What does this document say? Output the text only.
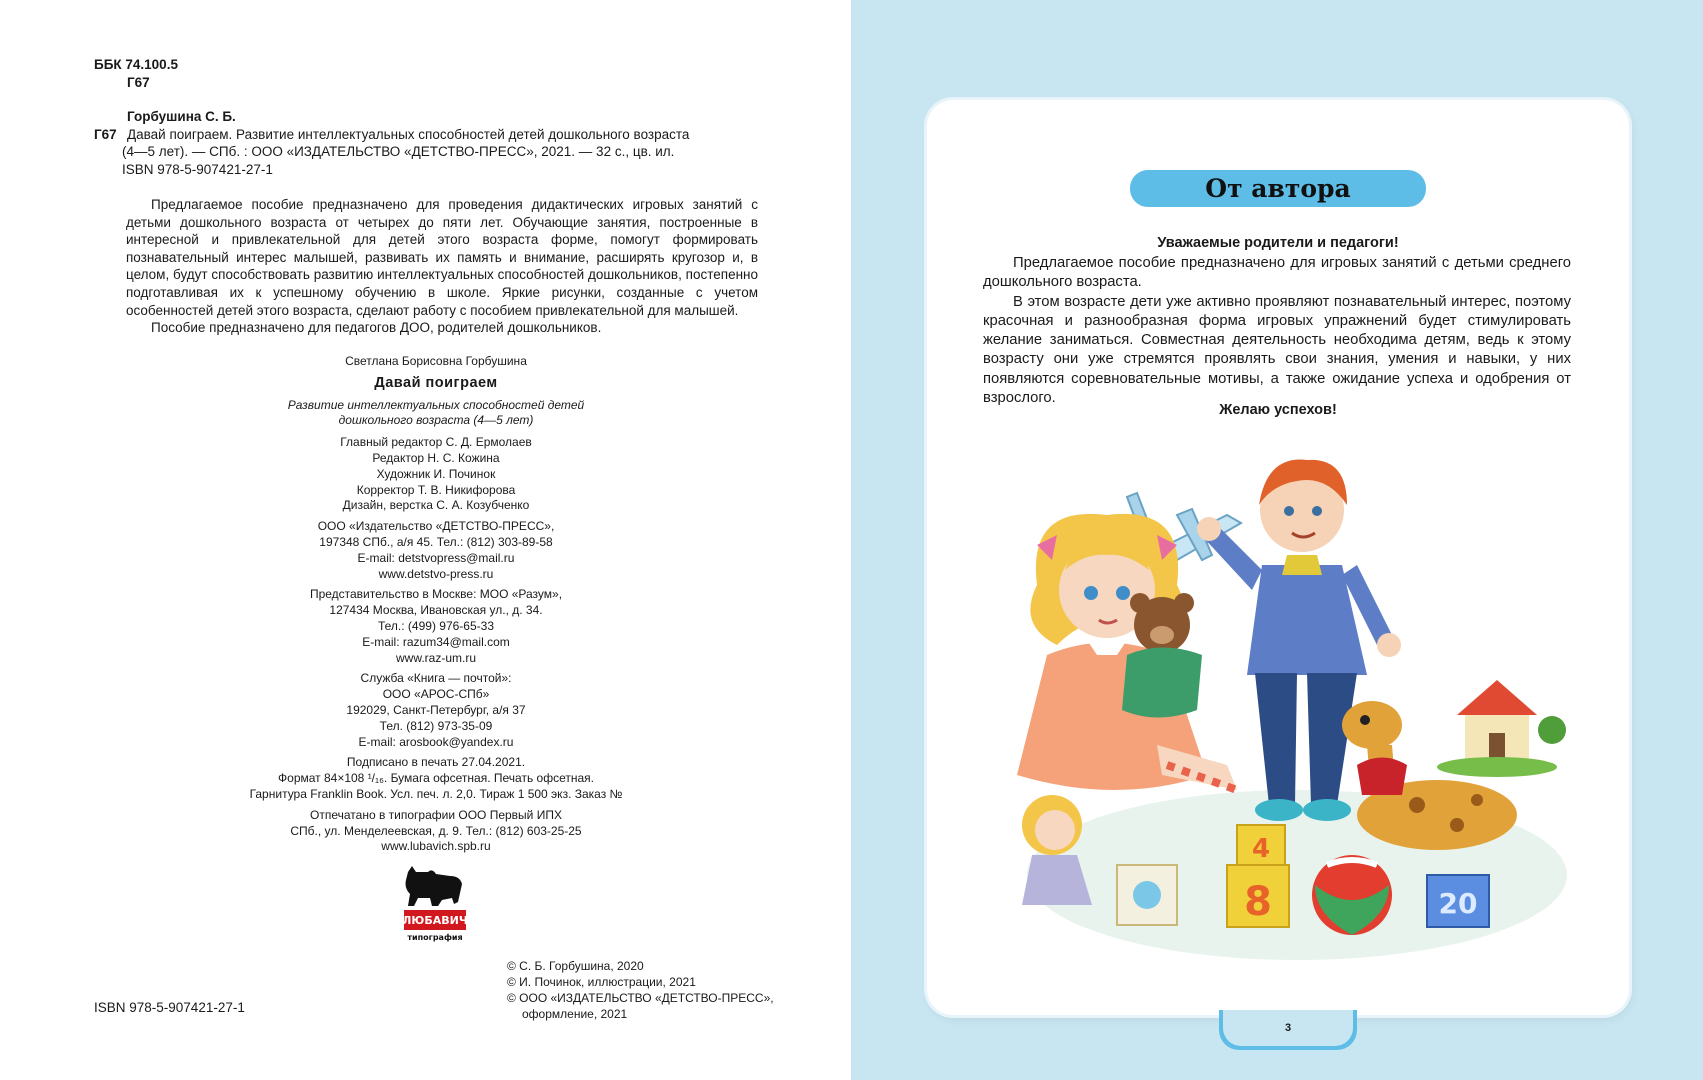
ББК 74.100.5
Г67
Горбушина С. Б.
Г67 Давай поиграем. Развитие интеллектуальных способностей детей дошкольного возраста
(4—5 лет). — СПб. : ООО «ИЗДАТЕЛЬСТВО «ДЕТСТВО-ПРЕСС», 2021. — 32 с., цв. ил.
ISBN 978-5-907421-27-1

Предлагаемое пособие предназначено для проведения дидактических игровых занятий с детьми дошкольного возраста от четырех до пяти лет. Обучающие занятия, построенные в интересной и привлекательной для детей этого возраста форме, помогут формировать познавательный интерес малышей, развивать их память и внимание, расширять кругозор и, в целом, будут способствовать развитию интеллектуальных способностей дошкольников, постепенно подготавливая их к успешному обучению в школе. Яркие рисунки, созданные с учетом особенностей детей этого возраста, сделают работу с пособием привлекательной для малышей.

Пособие предназначено для педагогов ДОО, родителей дошкольников.

Светлана Борисовна Горбушина
Давай поиграем
Развитие интеллектуальных способностей детей
дошкольного возраста (4—5 лет)
Главный редактор С. Д. Ермолаев
Редактор Н. С. Кожина
Художник И. Починок
Корректор Т. В. Никифорова
Дизайн, верстка С. А. Козубченко
ООО «Издательство «ДЕТСТВО-ПРЕСС»,
197348 СПб., а/я 45. Тел.: (812) 303-89-58
E-mail: detstvopress@mail.ru
www.detstvo-press.ru
Представительство в Москве: МОО «Разум»,
127434 Москва, Ивановская ул., д. 34.
Тел.: (499) 976-65-33
E-mail: razum34@mail.com
www.raz-um.ru
Служба «Книга — почтой»:
ООО «АРОС-СПб»
192029, Санкт-Петербург, а/я 37
Тел. (812) 973-35-09
E-mail: arosbook@yandex.ru
Подписано в печать 27.04.2021.
Формат 84×108 ¹/₁₆. Бумага офсетная. Печать офсетная.
Гарнитура Franklin Book. Усл. печ. л. 2,0. Тираж 1 500 экз. Заказ №
Отпечатано в типографии ООО Первый ИПХ
СПб., ул. Менделеевская, д. 9. Тел.: (812) 603-25-25
www.lubavich.spb.ru
ЛЮБАВИЧ
типография
© С. Б. Горбушина, 2020
© И. Починок, иллюстрации, 2021
© ООО «ИЗДАТЕЛЬСТВО «ДЕТСТВО-ПРЕСС»,
оформление, 2021
ISBN 978-5-907421-27-1
От автора
Уважаемые родители и педагоги!

Предлагаемое пособие предназначено для игровых занятий с детьми среднего дошкольного возраста.

В этом возрасте дети уже активно проявляют познавательный интерес, поэтому красочная и разнообразная форма игровых упражнений будет стимулировать желание заниматься. Совместная деятельность необходима детям, ведь к этому возрасту они уже стремятся проявлять свои знания, умения и навыки, у них появляются соревновательные мотивы, а также ожидание успеха и одобрения от взрослого.

Желаю успехов!
4
8	20
3
